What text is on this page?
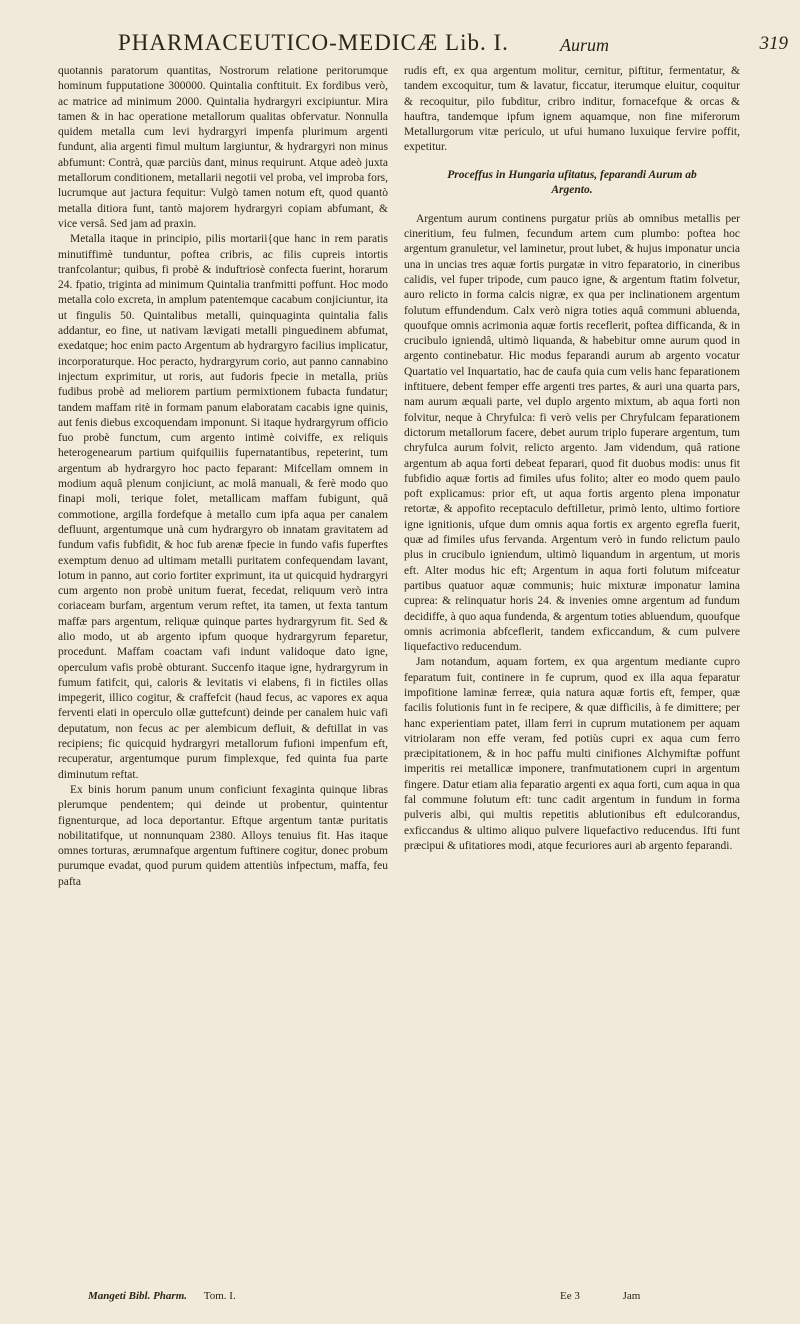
PHARMACEUTICO-MEDICÆ Lib. I.	Aurum	319

quotannis paratorum quantitas, Nostrorum relatione peritorumque hominum fupputatione 300000. Quintalia conftituit. Ex fordibus verò, ac matrice ad minimum 2000. Quintalia hydrargyri excipiuntur. Mira tamen & in hac operatione metallorum qualitas obfervatur. Nonnulla quidem metalla cum levi hydrargyri impenfa plurimum argenti fundunt, alia argenti fimul multum largiuntur, & hydrargyri non minus abfumunt: Contrà, quæ parciùs dant, minus requirunt. Atque adeò juxta metallorum conditionem, metallarii negotii vel proba, vel improba fors, lucrumque aut jactura fequitur: Vulgò tamen notum eft, quod quantò metalla ditiora funt, tantò majorem hydrargyri copiam abfumant, & vice versâ. Sed jam ad praxin.

Metalla itaque in principio, pilis mortarii{que hanc in rem paratis minutiffimè tunduntur, poftea cribris, ac filis cupreis intortis tranfcolantur; quibus, fi probè & induftriosè confecta fuerint, horarum 24. fpatio, triginta ad minimum Quintalia tranfmitti poffunt. Hoc modo metalla colo excreta, in amplum patentemque cacabum conjiciuntur, ita ut fingulis 50. Quintalibus metalli, quinquaginta quintalia falis addantur, eo fine, ut nativam lævigati metalli pinguedinem abfumat, exedatque; hoc enim pacto Argentum ab hydrargyro facilius implicatur, incorporaturque. Hoc peracto, hydrargyrum corio, aut panno cannabino injectum exprimitur, ut roris, aut fudoris fpecie in metalla, priùs fudibus probè ad meliorem partium permixtionem fubacta fundatur; tandem maffam ritè in formam panum elaboratam cacabis igne quinis, aut fenis diebus excoquendam imponunt. Si itaque hydrargyrum officio fuo probè functum, cum argento intimè coiviffe, ex reliquis heterogenearum partium quifquiliis fupernatantibus, repeterint, tum argentum ab hydrargyro hoc pacto feparant: Mifcellam omnem in modium aquâ plenum conjiciunt, ac molâ manuali, & ferè modo quo finapi moli, terique folet, metallicam maffam fubigunt, quâ commotione, argilla fordefque à metallo cum ipfa aqua per canalem defluunt, argentumque unà cum hydrargyro ob innatam gravitatem ad fundum vafis fubfidit, & hoc fub arenæ fpecie in fundo vafis fuperftes exemptum denuo ad ultimam metalli puritatem confequendam lavant, lotum in panno, aut corio fortiter exprimunt, ita ut quicquid hydrargyri cum argento non probè unitum fuerat, fecedat, reliquum verò intra coriaceam burfam, argentum verum reftet, ita tamen, ut fexta tantum maffæ pars argentum, reliquæ quinque partes hydrargyrum fit. Sed & alio modo, ut ab argento ipfum quoque hydrargyrum feparetur, procedunt. Maffam coactam vafi indunt validoque dato igne, operculum vafis probè obturant. Succenfo itaque igne, hydrargyrum in fumum fatifcit, qui, caloris & levitatis vi elabens, fi in fictiles ollas impegerit, illico cogitur, & craffefcit (haud fecus, ac vapores ex aqua ferventi elati in operculo ollæ guttefcunt) deinde per canalem huic vafi deputatum, non fecus ac per alembicum defluit, & deftillat in vas recipiens; fic quicquid hydrargyri metallorum fufioni impenfum eft, recuperatur, argentumque purum fimplexque, fed quinta fua parte diminutum reftat.

Ex binis horum panum unum conficiunt fexaginta quinque libras plerumque pendentem; qui deinde ut probentur, quintentur fignenturque, ad loca deportantur. Eftque argentum tantæ puritatis nobilitatifque, ut nonnunquam 2380. Alloys tenuius fit. Has itaque omnes torturas, ærumnafque argentum fuftinere cogitur, donec probum purumque evadat, quod purum quidem attentiùs infpectum, maffa, feu pafta

rudis eft, ex qua argentum molitur, cernitur, piftitur, fermentatur, & tandem excoquitur, tum & lavatur, ficcatur, iterumque eluitur, coquitur & recoquitur, pilo fubditur, cribro inditur, fornacefque & orcas & hauftra, tandemque ipfum ignem aquamque, non fine miferorum Metallurgorum vitæ periculo, ut ufui humano luxuique fervire poffit, expetitur.

Proceffus in Hungaria ufitatus, feparandi Aurum ab Argento.

Argentum aurum continens purgatur priùs ab omnibus metallis per cineritium, feu fulmen, fecundum artem cum plumbo: poftea hoc argentum granuletur, vel laminetur, prout lubet, & hujus imponatur uncia una in uncias tres aquæ fortis purgatæ in vitro feparatorio, in cineribus calidis, vel fuper tripode, cum pauco igne, & argentum ftatim folvetur, auro relicto in forma calcis nigræ, ex qua per inclinationem argentum folutum effundendum. Calx verò nigra toties aquâ communi abluenda, quoufque omnis acrimonia aquæ fortis receflerit, poftea difficanda, & in crucibulo igniendâ, ultimò liquanda, & habebitur omne aurum quod in argento continebatur. Hic modus feparandi aurum ab argento vocatur Quartatio vel Inquartatio, hac de caufa quia cum velis hanc feparationem inftituere, debent femper effe argenti tres partes, & auri una quarta pars, nam aurum æquali parte, vel duplo argento mixtum, ab aqua forti non folvitur, neque à Chryfulca: fi verò velis per Chryfulcam feparationem dictorum metallorum facere, debet aurum triplo fuperare argentum, tum chryfulca aurum folvit, relicto argento. Jam videndum, quâ ratione argentum ab aqua forti debeat feparari, quod fit duobus modis: unus fit fubfidio aquæ fortis ad fimiles ufus folito; alter eo modo quem paulo poft explicamus: prior eft, ut aqua fortis argento plena imponatur retortæ, & appofito receptaculo deftilletur, primò lento, ultimo fortiore igne ignitionis, ufque dum omnis aqua fortis ex argento egrefla fuerit, quæ ad fimiles ufus fervanda. Argentum verò in fundo relictum paulo plus in crucibulo igniendum, ultimò liquandum in argentum, ut moris eft. Alter modus hic eft; Argentum in aqua forti folutum mifceatur partibus quatuor aquæ communis; huic mixturæ imponatur lamina cuprea: & relinquatur horis 24. & invenies omne argentum ad fundum decidiffe, à quo aqua fundenda, & argentum toties abluendum, quoufque omnis acrimonia abfceflerit, tandem exficcandum, & cum pulvere liquefactivo reducendum.

Jam notandum, aquam fortem, ex qua argentum mediante cupro feparatum fuit, continere in fe cuprum, quod ex illa aqua feparatur impofitione laminæ ferreæ, quia natura aquæ fortis eft, femper, quæ facilis folutionis funt in fe recipere, & quæ difficilis, à fe dimittere; per hanc experientiam patet, illam ferri in cuprum mutationem per aquam vitriolaram non effe veram, fed potiùs cupri ex aqua cum ferro præcipitationem, & in hoc paffu multi cinifiones Alchymiftæ poffunt imperitis rei metallicæ imponere, tranfmutationem cupri in argentum fingere. Datur etiam alia feparatio argenti ex aqua forti, cum aqua in qua fal commune folutum eft: tunc cadit argentum in fundum in forma pulveris albi, qui multis repetitis ablutionibus eft edulcorandus, exficcandus & ultimo aliquo pulvere liquefactivo reducendus. Ifti funt præcipui & ufitatiores modi, atque fecuriores auri ab argento feparandi.

Mangeti Bibl. Pharm. Tom. I.	Ee 3	Jam
